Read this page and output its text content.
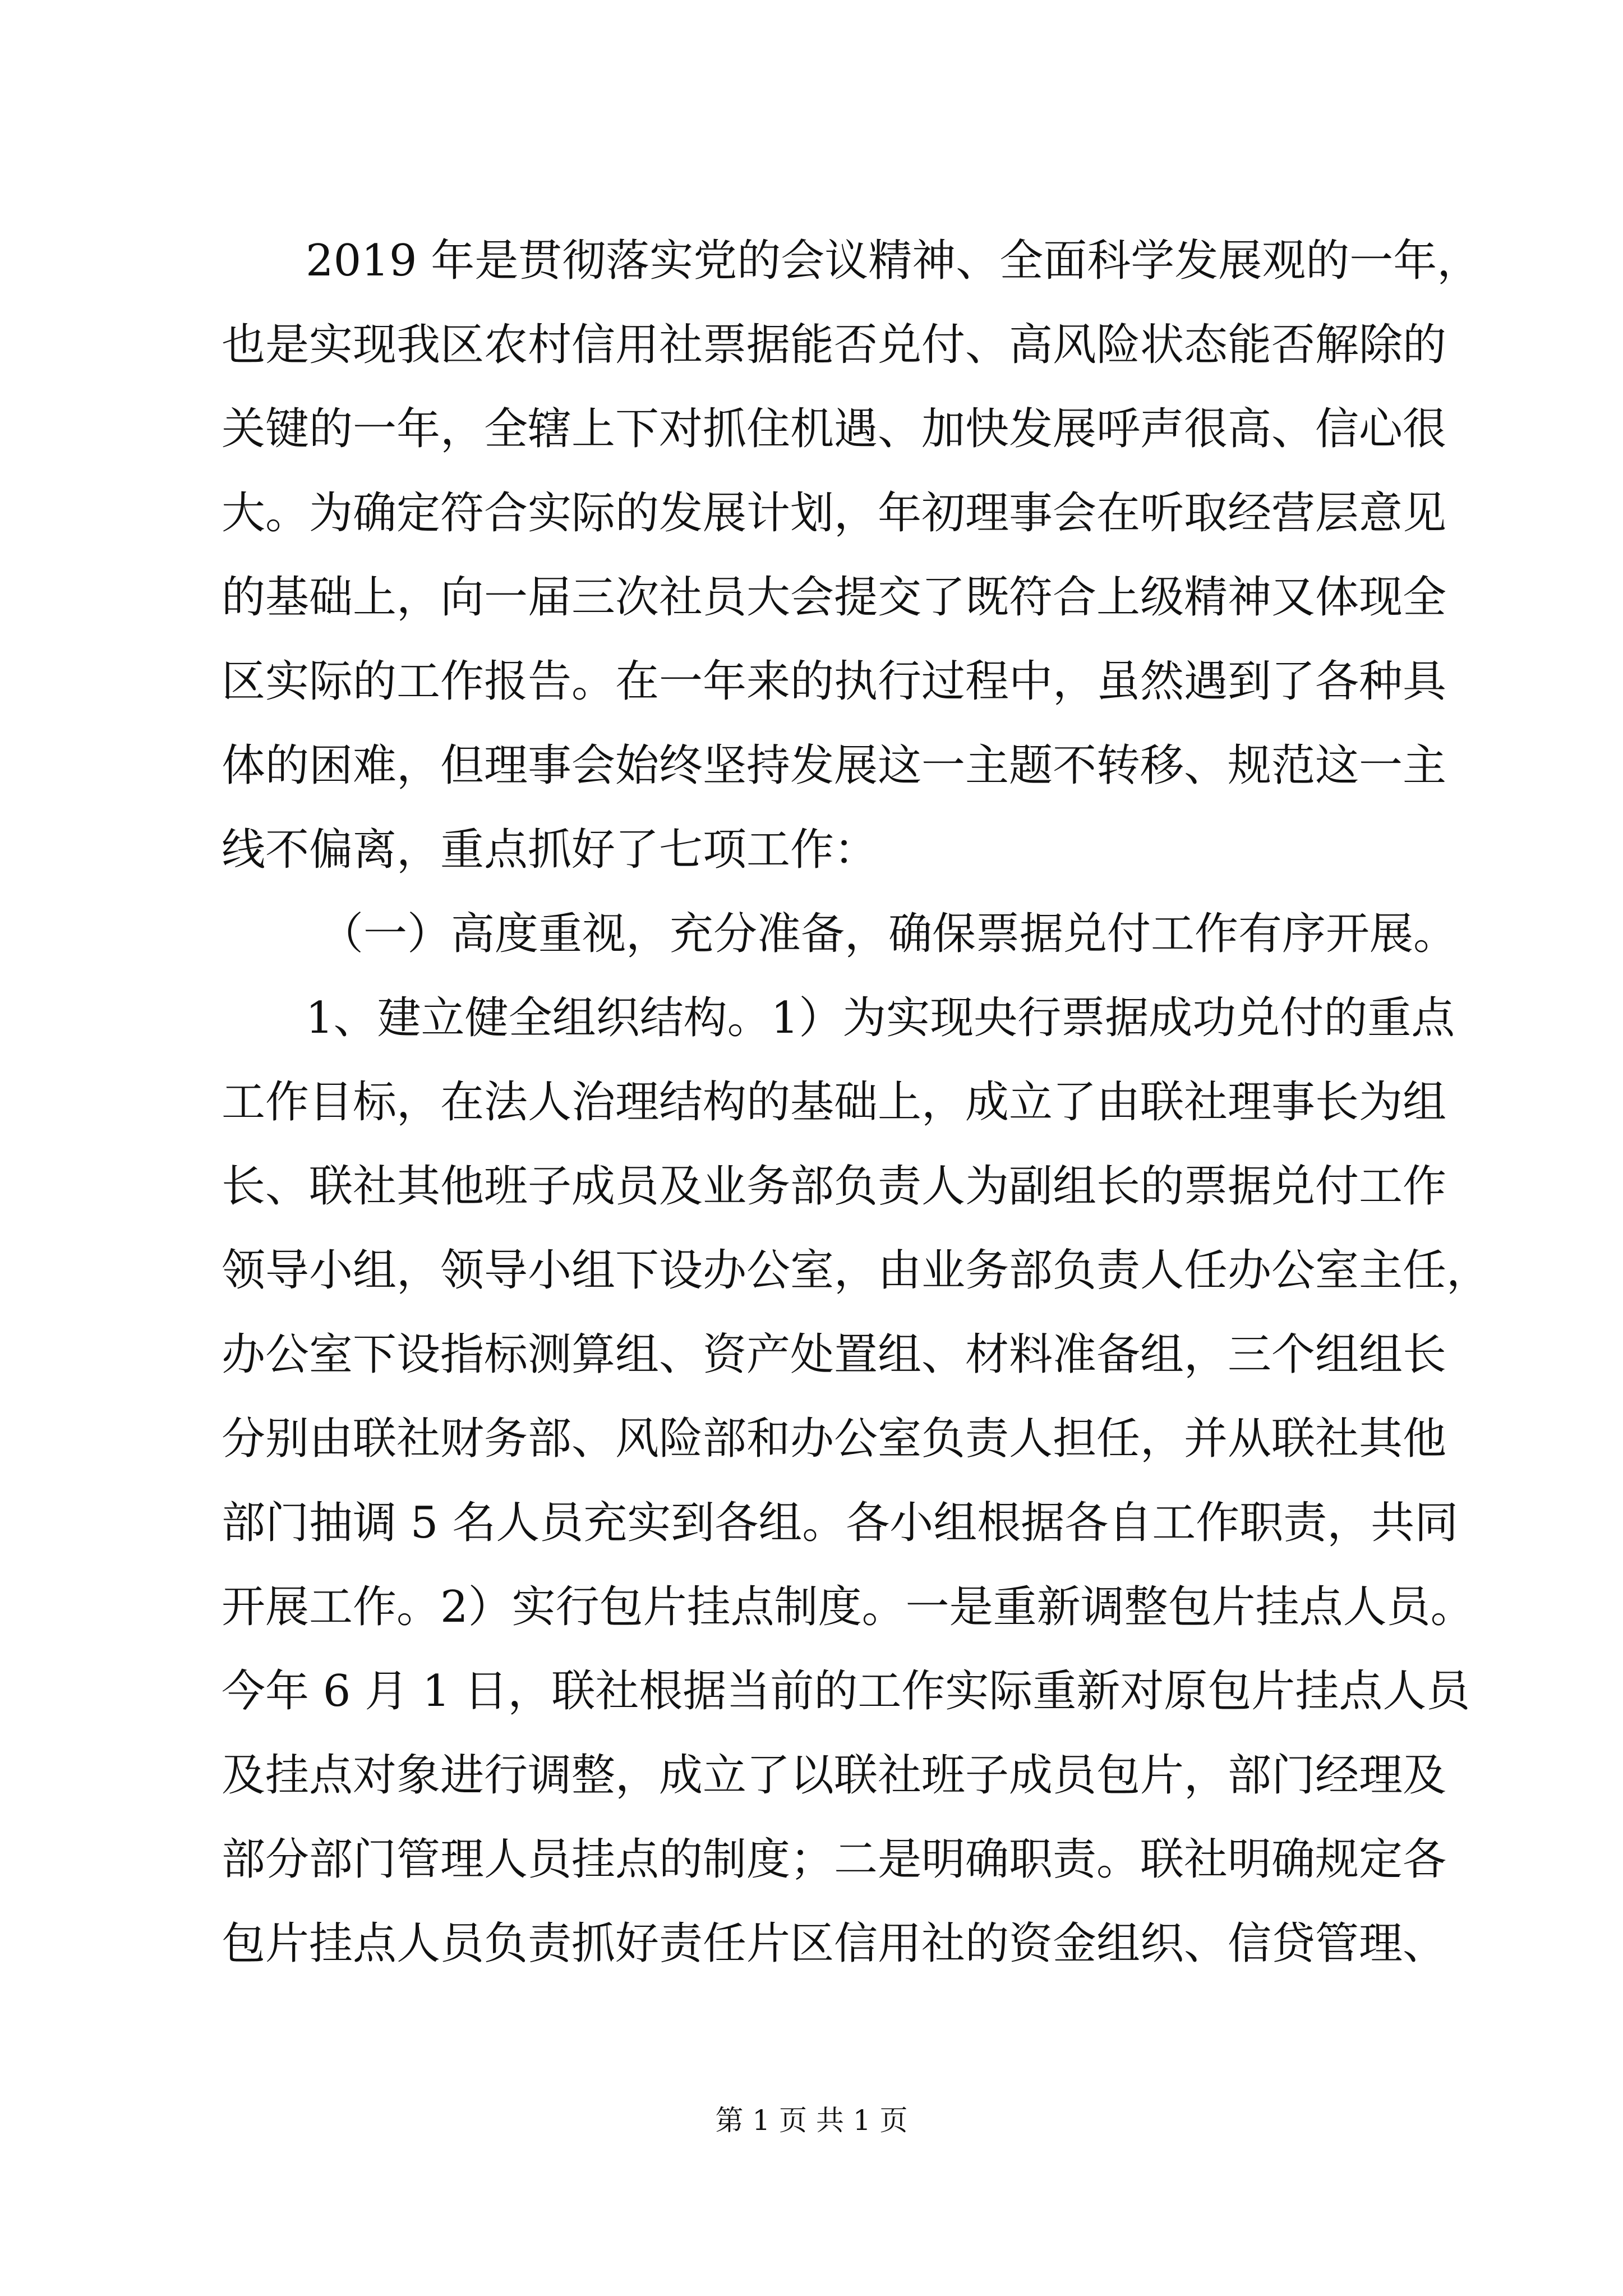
2019 年是贯彻落实党的会议精神、全面科学发展观的一年，
也是实现我区农村信用社票据能否兑付、高风险状态能否解除的
关键的一年，全辖上下对抓住机遇、加快发展呼声很高、信心很
大。为确定符合实际的发展计划，年初理事会在听取经营层意见
的基础上，向一届三次社员大会提交了既符合上级精神又体现全
区实际的工作报告。在一年来的执行过程中，虽然遇到了各种具
体的困难，但理事会始终坚持发展这一主题不转移、规范这一主
线不偏离，重点抓好了七项工作：
（一）高度重视，充分准备，确保票据兑付工作有序开展。
1、建立健全组织结构。1）为实现央行票据成功兑付的重点
工作目标，在法人治理结构的基础上，成立了由联社理事长为组
长、联社其他班子成员及业务部负责人为副组长的票据兑付工作
领导小组，领导小组下设办公室，由业务部负责人任办公室主任，
办公室下设指标测算组、资产处置组、材料准备组，三个组组长
分别由联社财务部、风险部和办公室负责人担任，并从联社其他
部门抽调 5 名人员充实到各组。各小组根据各自工作职责，共同
开展工作。2）实行包片挂点制度。一是重新调整包片挂点人员。
今年 6 月 1 日，联社根据当前的工作实际重新对原包片挂点人员
及挂点对象进行调整，成立了以联社班子成员包片，部门经理及
部分部门管理人员挂点的制度；二是明确职责。联社明确规定各
包片挂点人员负责抓好责任片区信用社的资金组织、信贷管理、
第 1 页 共 1 页
